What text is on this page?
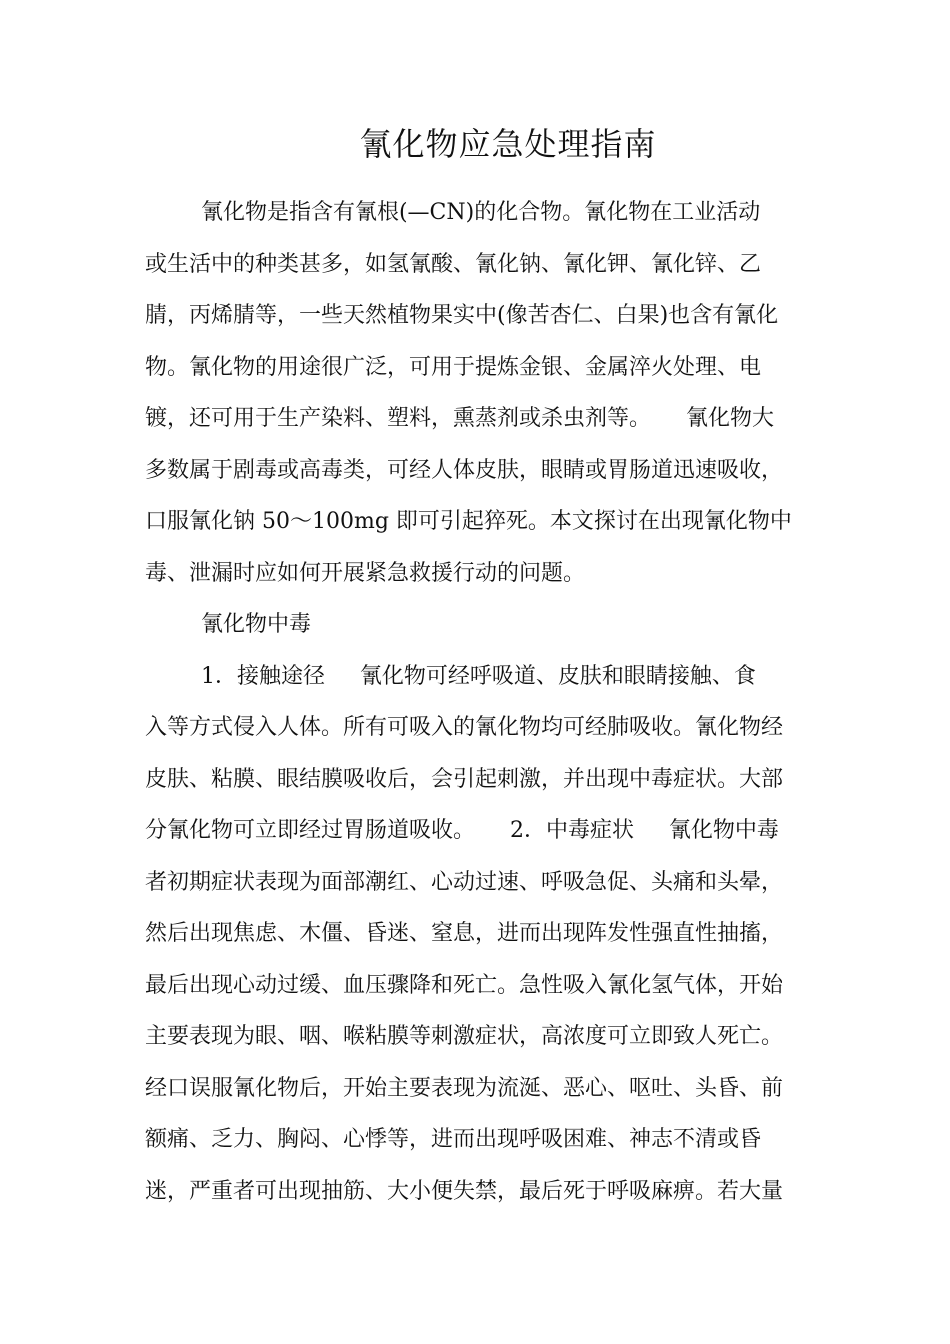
氰化物应急处理指南
氰化物是指含有氰根(—CN)的化合物。氰化物在工业活动
或生活中的种类甚多，如氢氰酸、氰化钠、氰化钾、氰化锌、乙
腈，丙烯腈等，一些天然植物果实中(像苦杏仁、白果)也含有氰化
物。氰化物的用途很广泛，可用于提炼金银、金属淬火处理、电
镀，还可用于生产染料、塑料，熏蒸剂或杀虫剂等。     氰化物大
多数属于剧毒或高毒类，可经人体皮肤，眼睛或胃肠道迅速吸收，
口服氰化钠 50～100mg 即可引起猝死。本文探讨在出现氰化物中
毒、泄漏时应如何开展紧急救援行动的问题。
氰化物中毒
1．接触途径     氰化物可经呼吸道、皮肤和眼睛接触、食
入等方式侵入人体。所有可吸入的氰化物均可经肺吸收。氰化物经
皮肤、粘膜、眼结膜吸收后，会引起刺激，并出现中毒症状。大部
分氰化物可立即经过胃肠道吸收。     2．中毒症状     氰化物中毒
者初期症状表现为面部潮红、心动过速、呼吸急促、头痛和头晕，
然后出现焦虑、木僵、昏迷、窒息，进而出现阵发性强直性抽搐，
最后出现心动过缓、血压骤降和死亡。急性吸入氰化氢气体，开始
主要表现为眼、咽、喉粘膜等刺激症状，高浓度可立即致人死亡。
经口误服氰化物后，开始主要表现为流涎、恶心、呕吐、头昏、前
额痛、乏力、胸闷、心悸等，进而出现呼吸困难、神志不清或昏
迷，严重者可出现抽筋、大小便失禁，最后死于呼吸麻痹。若大量
